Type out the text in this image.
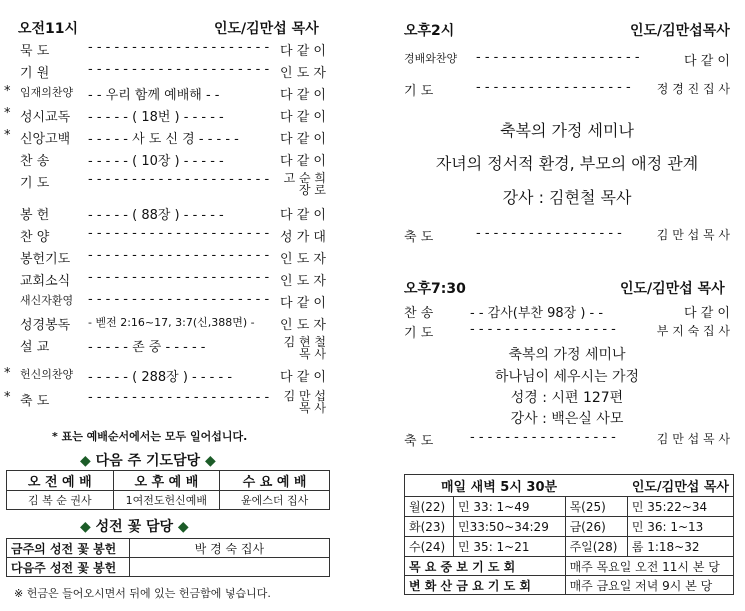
오전11시	인도/김만섭 목사
묵 도	- - - - - - - - - - - - - - - - - - - - - 다 같 이
기 원	- - - - - - - - - - - - - - - - - - - - - 인 도 자
* 임재의찬양 - - 우리 함께 예배해 - -	다 같 이
* 성시교독 - - - - - ( 18번 ) - - - - -	다 같 이
* 신앙고백 - - - - - 사 도 신 경 - - - - -	다 같 이
찬 송	- - - - - ( 10장 ) - - - - -	다 같 이
기 도	- - - - - - - - - - - - - - - - - - - - -	고 순 희 장 로
봉 헌	- - - - - ( 88장 ) - - - - -	다 같 이
찬 양	- - - - - - - - - - - - - - - - - - - - - 성 가 대
봉헌기도 - - - - - - - - - - - - - - - - - - - - - 인 도 자
교회소식 - - - - - - - - - - - - - - - - - - - - - 인 도 자
새신자환영 - - - - - - - - - - - - - - - - - - - - - 다 같 이
성경봉독 - 벧전 2:16~17, 3:7(신,388면) - 인 도 자
설 교	- - - - - 존 중 - - - - -	김 현 철 목 사
* 헌신의찬양 - - - - - ( 288장 ) - - - - -	다 같 이
* 축 도	- - - - - - - - - - - - - - - - - - - - -	김 만 섭 목 사
* 표는 예배순서에서는 모두 일어섭니다.
◆ 다음 주 기도담당 ◆
오 전 예 배	오 후 예 배	수 요 예 배
김 복 순 권사	1여전도헌신예배	윤에스더 집사
◆ 성전 꽃 담당 ◆
금주의 성전 꽃 봉헌	박 경 숙 집사
다음주 성전 꽃 봉헌	
※ 헌금은 들어오시면서 뒤에 있는 헌금함에 넣습니다.
오후2시	인도/김만섭목사
경배와찬양 - - - - - - - - - - - - - - - - - - -	다 같 이
기 도	- - - - - - - - - - - - - - - - - - 정 경 진 집 사
축복의 가정 세미나
자녀의 정서적 환경, 부모의 애정 관계
강사 : 김현철 목사
축 도	- - - - - - - - - - - - - - - - -	김 만 섭 목 사
오후7:30	인도/김만섭 목사
찬 송	- - 감사(부찬 98장 ) - -	다 같 이
기 도	- - - - - - - - - - - - - - - - -	부 지 숙 집 사
축복의 가정 세미나
하나님이 세우시는 가정
성경 : 시편 127편
강사 : 백은실 사모
축 도	- - - - - - - - - - - - - - - - -	김 만 섭 목 사
매일 새벽 5시 30분		인도/김만섭 목사	
월(22)	민 33: 1~49	목(25)	민 35:22~34
화(23)	민33:50~34:29	금(26)	민 36: 1~13
수(24)	민 35: 1~21	주일(28)	롬 1:18~32
목 요 중 보 기 도 회		매주 목요일 오전 11시 본 당	
변 화 산 금 요 기 도 회		매주 금요일 저녁 9시 본 당	
